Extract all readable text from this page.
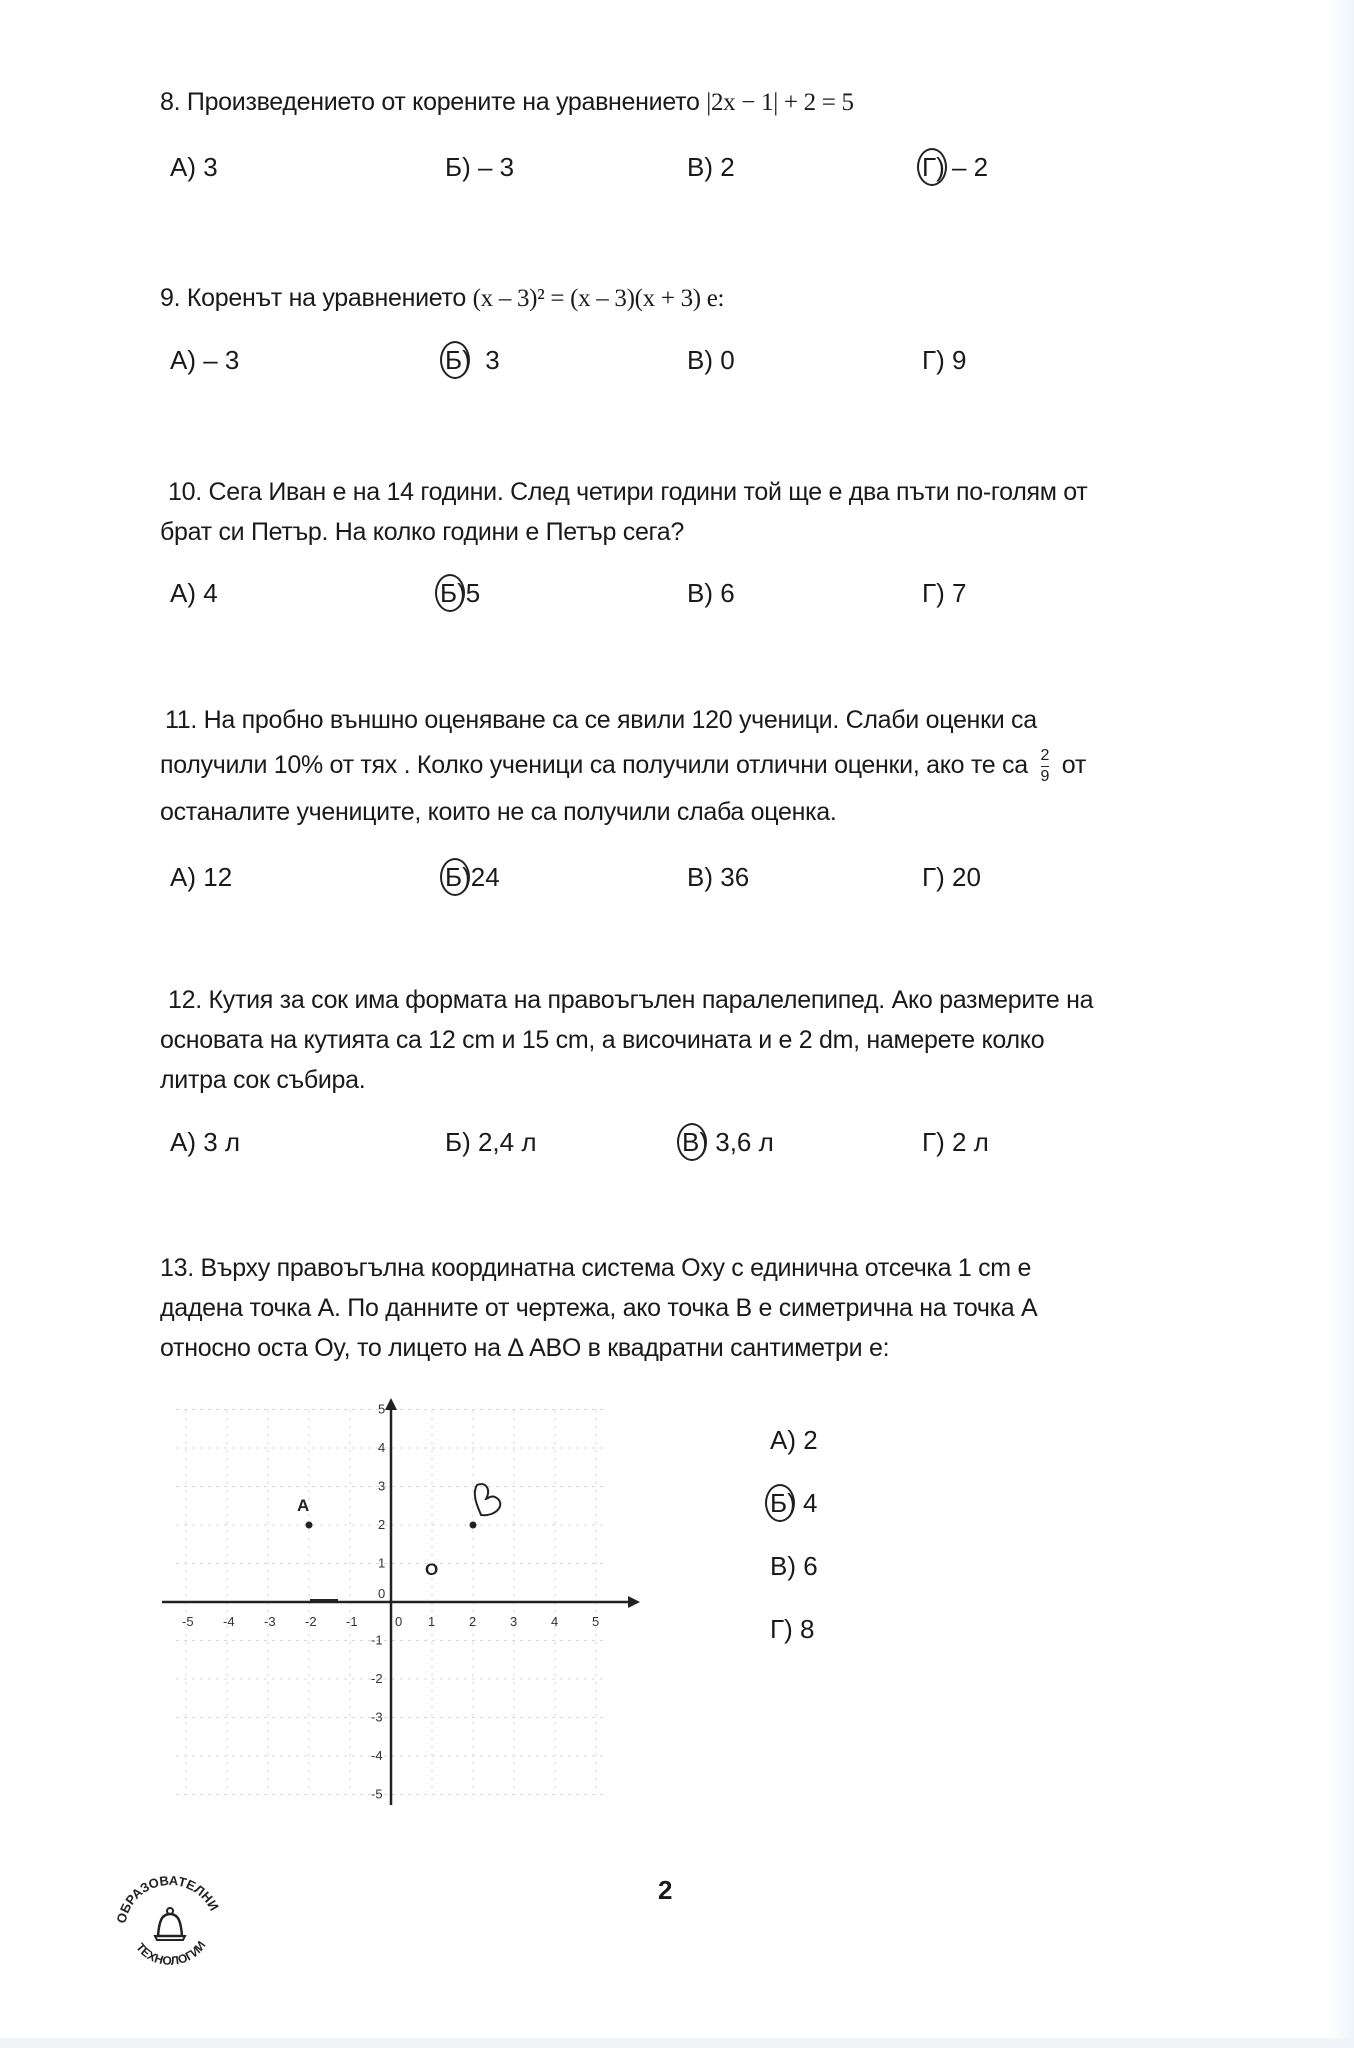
8. Произведението от корените на уравнението |2x − 1| + 2 = 5

А) 3	Б) – 3	В) 2	Г) – 2

9. Коренът на уравнението (x – 3)² = (x – 3)(x + 3) е:

А) – 3	Б) 3	В) 0	Г) 9

10. Сега Иван е на 14 години. След четири години той ще е два пъти по-голям от

брат си Петър. На колко години е Петър сега?

А) 4	Б)5	В) 6	Г) 7

11. На пробно външно оценяване са се явили 120 ученици. Слаби оценки са

получили 10% от тях . Колко ученици са получили отлични оценки, ако те са $\frac{2}{9}$ от

останалите учениците, които не са получили слаба оценка.

А) 12	Б)24	В) 36	Г) 20

12. Кутия за сок има формата на правоъгълен паралелепипед. Ако размерите на

основата на кутията са 12 cm и 15 cm, а височината и е 2 dm, намерете колко

литра сок събира.

А) 3 л	Б) 2,4 л	В) 3,6 л	Г) 2 л

13. Върху правоъгълна координатна система Oxy с единична отсечка 1 cm е

дадена точка А. По данните от чертежа, ако точка В е симетрична на точка А

относно оста Oy, то лицето на Δ ABO в квадратни сантиметри е:

А) 2
Б) 4
В) 6
Г) 8
-5 -4 -3 -2 -1	0 1	2	3	4	5
5
4
3
2
1
0
-1
-2
-3
-4
-5
A
O
ОБРАЗОВАТЕЛНИ
ТЕХНОЛОГИИ
2
